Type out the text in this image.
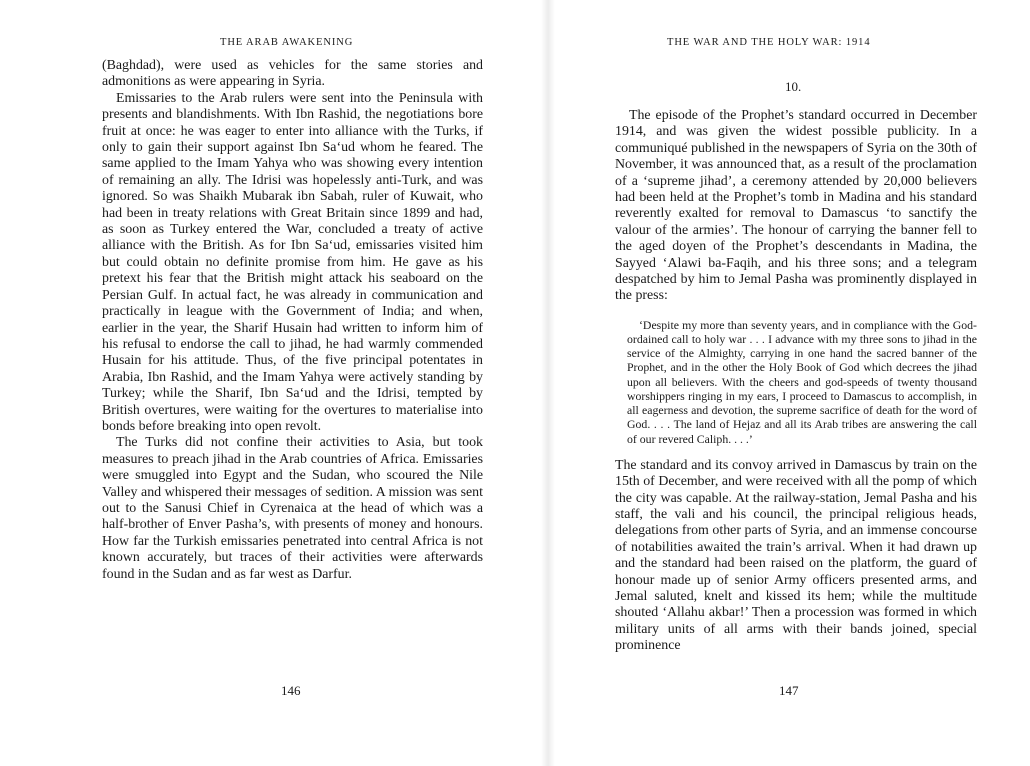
THE ARAB AWAKENING

(Baghdad), were used as vehicles for the same stories and admonitions as were appearing in Syria.

Emissaries to the Arab rulers were sent into the Peninsula with presents and blandishments. With Ibn Rashid, the negotiations bore fruit at once: he was eager to enter into alliance with the Turks, if only to gain their support against Ibn Sa‘ud whom he feared. The same applied to the Imam Yahya who was showing every intention of remaining an ally. The Idrisi was hopelessly anti-Turk, and was ignored. So was Shaikh Mubarak ibn Sabah, ruler of Kuwait, who had been in treaty relations with Great Britain since 1899 and had, as soon as Turkey entered the War, concluded a treaty of active alliance with the British. As for Ibn Sa‘ud, emissaries visited him but could obtain no definite promise from him. He gave as his pretext his fear that the British might attack his seaboard on the Persian Gulf. In actual fact, he was already in communication and practically in league with the Government of India; and when, earlier in the year, the Sharif Husain had written to inform him of his refusal to endorse the call to jihad, he had warmly commended Husain for his attitude. Thus, of the five principal potentates in Arabia, Ibn Rashid, and the Imam Yahya were actively standing by Turkey; while the Sharif, Ibn Sa‘ud and the Idrisi, tempted by British overtures, were waiting for the overtures to materialise into bonds before breaking into open revolt.

The Turks did not confine their activities to Asia, but took measures to preach jihad in the Arab countries of Africa. Emissaries were smuggled into Egypt and the Sudan, who scoured the Nile Valley and whispered their messages of sedition. A mission was sent out to the Sanusi Chief in Cyrenaica at the head of which was a half-brother of Enver Pasha’s, with presents of money and honours. How far the Turkish emissaries penetrated into central Africa is not known accurately, but traces of their activities were afterwards found in the Sudan and as far west as Darfur.

146
THE WAR AND THE HOLY WAR: 1914
10.

The episode of the Prophet’s standard occurred in December 1914, and was given the widest possible publicity. In a communiqué published in the newspapers of Syria on the 30th of November, it was announced that, as a result of the proclamation of a ‘supreme jihad’, a ceremony attended by 20,000 believers had been held at the Prophet’s tomb in Madina and his standard reverently exalted for removal to Damascus ‘to sanctify the valour of the armies’. The honour of carrying the banner fell to the aged doyen of the Prophet’s descendants in Madina, the Sayyed ‘Alawi ba-Faqih, and his three sons; and a telegram despatched by him to Jemal Pasha was prominently displayed in the press:

‘Despite my more than seventy years, and in compliance with the God-ordained call to holy war . . . I advance with my three sons to jihad in the service of the Almighty, carrying in one hand the sacred banner of the Prophet, and in the other the Holy Book of God which decrees the jihad upon all believers. With the cheers and god-speeds of twenty thousand worshippers ringing in my ears, I proceed to Damascus to accomplish, in all eagerness and devotion, the supreme sacrifice of death for the word of God. . . . The land of Hejaz and all its Arab tribes are answering the call of our revered Caliph. . . .’

The standard and its convoy arrived in Damascus by train on the 15th of December, and were received with all the pomp of which the city was capable. At the railway-station, Jemal Pasha and his staff, the vali and his council, the principal religious heads, delegations from other parts of Syria, and an immense concourse of notabilities awaited the train’s arrival. When it had drawn up and the standard had been raised on the platform, the guard of honour made up of senior Army officers presented arms, and Jemal saluted, knelt and kissed its hem; while the multitude shouted ‘Allahu akbar!’ Then a procession was formed in which military units of all arms with their bands joined, special prominence

147
